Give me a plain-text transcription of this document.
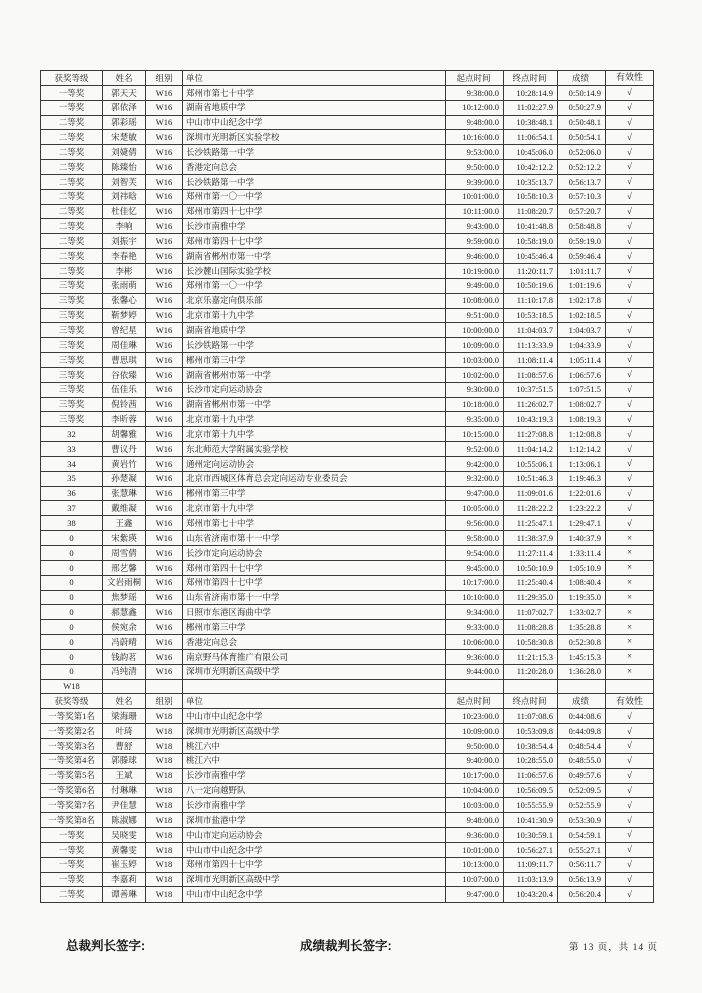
获奖等级	姓名	组别	单位	起点时间	终点时间	成绩	有效性
一等奖	郭天天	W16	郑州市第七十中学	9:38:00.0	10:28:14.9	0:50:14.9	√
一等奖	郭依泽	W16	湖南省地质中学	10:12:00.0	11:02:27.9	0:50:27.9	√
二等奖	郭彩瑶	W16	中山市中山纪念中学	9:48:00.0	10:38:48.1	0:50:48.1	√
二等奖	宋楚敏	W16	深圳市光明新区实验学校	10:16:00.0	11:06:54.1	0:50:54.1	√
二等奖	刘婕倩	W16	长沙铁路第一中学	9:53:00.0	10:45:06.0	0:52:06.0	√
二等奖	陈臻怡	W16	香港定向总会	9:50:00.0	10:42:12.2	0:52:12.2	√
二等奖	刘智芙	W16	长沙铁路第一中学	9:39:00.0	10:35:13.7	0:56:13.7	√
二等奖	刘祎晗	W16	郑州市第一〇一中学	10:01:00.0	10:58:10.3	0:57:10.3	√
二等奖	杜佳忆	W16	郑州市第四十七中学	10:11:00.0	11:08:20.7	0:57:20.7	√
二等奖	李响	W16	长沙市南雅中学	9:43:00.0	10:41:48.8	0:58:48.8	√
二等奖	刘振宇	W16	郑州市第四十七中学	9:59:00.0	10:58:19.0	0:59:19.0	√
二等奖	李春艳	W16	湖南省郴州市第一中学	9:46:00.0	10:45:46.4	0:59:46.4	√
二等奖	李彬	W16	长沙麓山国际实验学校	10:19:00.0	11:20:11.7	1:01:11.7	√
三等奖	张雨萌	W16	郑州市第一〇一中学	9:49:00.0	10:50:19.6	1:01:19.6	√
三等奖	张馨心	W16	北京乐嘉定向俱乐部	10:08:00.0	11:10:17.8	1:02:17.8	√
三等奖	靳梦婷	W16	北京市第十九中学	9:51:00.0	10:53:18.5	1:02:18.5	√
三等奖	曾纪星	W16	湖南省地质中学	10:00:00.0	11:04:03.7	1:04:03.7	√
三等奖	周佳琳	W16	长沙铁路第一中学	10:09:00.0	11:13:33.9	1:04:33.9	√
三等奖	曹思琪	W16	郴州市第三中学	10:03:00.0	11:08:11.4	1:05:11.4	√
三等奖	谷依臻	W16	湖南省郴州市第一中学	10:02:00.0	11:08:57.6	1:06:57.6	√
三等奖	伍佳乐	W16	长沙市定向运动协会	9:30:00.0	10:37:51.5	1:07:51.5	√
三等奖	倪铃茜	W16	湖南省郴州市第一中学	10:18:00.0	11:26:02.7	1:08:02.7	√
三等奖	李昕蓉	W16	北京市第十九中学	9:35:00.0	10:43:19.3	1:08:19.3	√
32	胡馨雅	W16	北京市第十九中学	10:15:00.0	11:27:08.8	1:12:08.8	√
33	曹议丹	W16	东北师范大学附属实验学校	9:52:00.0	11:04:14.2	1:12:14.2	√
34	黄岩竹	W16	通州定向运动协会	9:42:00.0	10:55:06.1	1:13:06.1	√
35	孙楚凝	W16	北京市西城区体育总会定向运动专业委员会	9:32:00.0	10:51:46.3	1:19:46.3	√
36	张慧琳	W16	郴州市第三中学	9:47:00.0	11:09:01.6	1:22:01.6	√
37	戴维凝	W16	北京市第十九中学	10:05:00.0	11:28:22.2	1:23:22.2	√
38	王鑫	W16	郑州市第七十中学	9:56:00.0	11:25:47.1	1:29:47.1	√
0	宋紫瑛	W16	山东省济南市第十一中学	9:58:00.0	11:38:37.9	1:40:37.9	×
0	周雪倩	W16	长沙市定向运动协会	9:54:00.0	11:27:11.4	1:33:11.4	×
0	邢艺馨	W16	郑州市第四十七中学	9:45:00.0	10:50:10.9	1:05:10.9	×
0	文岩雨桐	W16	郑州市第四十七中学	10:17:00.0	11:25:40.4	1:08:40.4	×
0	焦梦瑶	W16	山东省济南市第十一中学	10:10:00.0	11:29:35.0	1:19:35.0	×
0	郝慧鑫	W16	日照市东港区海曲中学	9:34:00.0	11:07:02.7	1:33:02.7	×
0	侯宛余	W16	郴州市第三中学	9:33:00.0	11:08:28.8	1:35:28.8	×
0	冯蔚晴	W16	香港定向总会	10:06:00.0	10:58:30.8	0:52:30.8	×
0	钱韵茗	W16	南京野马体育推广有限公司	9:36:00.0	11:21:15.3	1:45:15.3	×
0	冯纯清	W16	深圳市光明新区高级中学	9:44:00.0	11:20:28.0	1:36:28.0	×
W18							
获奖等级	姓名	组别	单位	起点时间	终点时间	成绩	有效性
一等奖第1名	梁海珊	W18	中山市中山纪念中学	10:23:00.0	11:07:08.6	0:44:08.6	√
一等奖第2名	叶琦	W18	深圳市光明新区高级中学	10:09:00.0	10:53:09.8	0:44:09.8	√
一等奖第3名	曹舒	W18	桃江六中	9:50:00.0	10:38:54.4	0:48:54.4	√
一等奖第4名	郭滕球	W18	桃江六中	9:40:00.0	10:28:55.0	0:48:55.0	√
一等奖第5名	王斌	W18	长沙市南雅中学	10:17:00.0	11:06:57.6	0:49:57.6	√
一等奖第6名	付琳琳	W18	八一定向越野队	10:04:00.0	10:56:09.5	0:52:09.5	√
一等奖第7名	尹佳慧	W18	长沙市南雅中学	10:03:00.0	10:55:55.9	0:52:55.9	√
一等奖第8名	陈淑娜	W18	深圳市盐港中学	9:48:00.0	10:41:30.9	0:53:30.9	√
一等奖	吴晓雯	W18	中山市定向运动协会	9:36:00.0	10:30:59.1	0:54:59.1	√
一等奖	黄馨雯	W18	中山市中山纪念中学	10:01:00.0	10:56:27.1	0:55:27.1	√
一等奖	崔玉婷	W18	郑州市第四十七中学	10:13:00.0	11:09:11.7	0:56:11.7	√
一等奖	李嘉莉	W18	深圳市光明新区高级中学	10:07:00.0	11:03:13.9	0:56:13.9	√
二等奖	谭善琳	W18	中山市中山纪念中学	9:47:00.0	10:43:20.4	0:56:20.4	√
总裁判长签字:	成绩裁判长签字:	第 13 页，共 14 页
